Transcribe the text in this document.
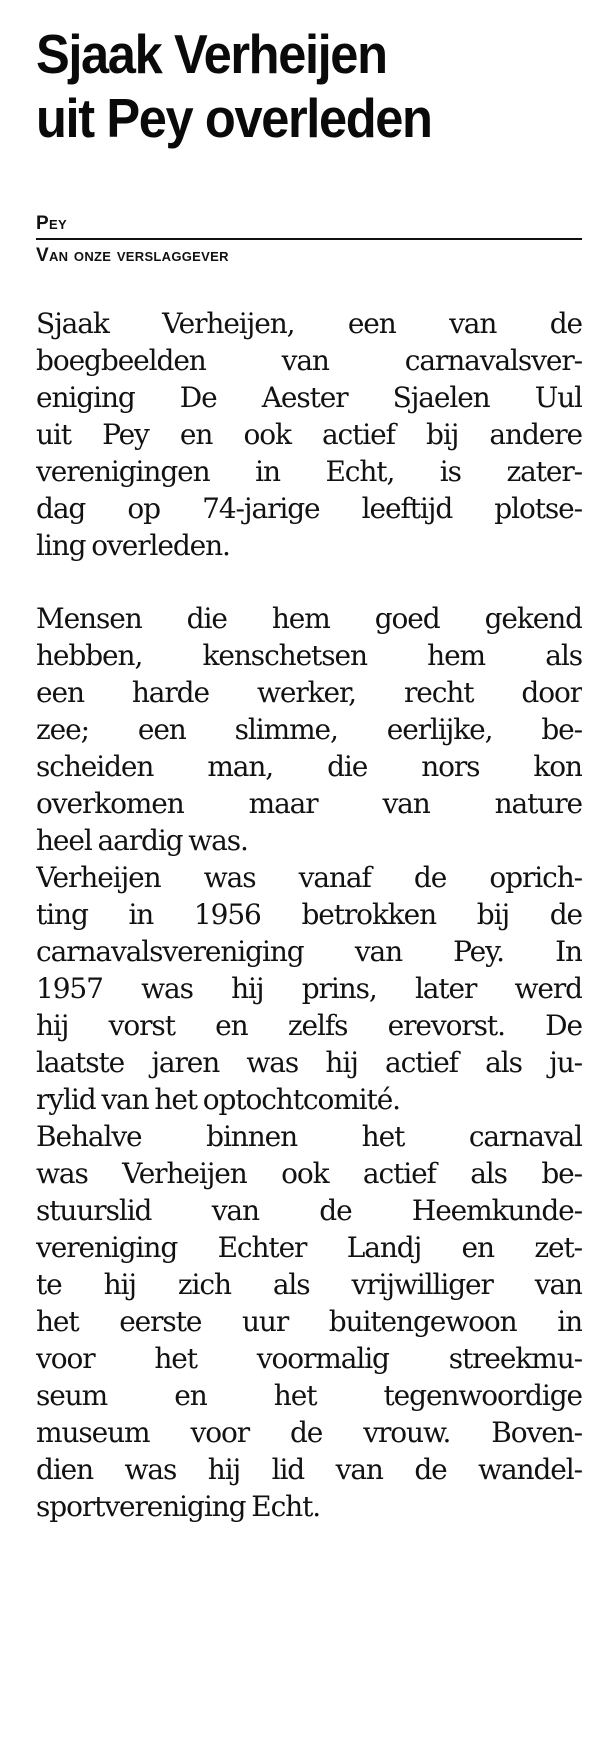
Sjaak Verheijen
uit Pey overleden
Pey
Van onze verslaggever
Sjaak Verheijen, een van de
boegbeelden van carnavalsver-
eniging De Aester Sjaelen Uul
uit Pey en ook actief bij andere
verenigingen in Echt, is zater-
dag op 74-jarige leeftijd plotse-
ling overleden.
Mensen die hem goed gekend
hebben, kenschetsen hem als
een harde werker, recht door
zee; een slimme, eerlijke, be-
scheiden man, die nors kon
overkomen maar van nature
heel aardig was.
Verheijen was vanaf de oprich-
ting in 1956 betrokken bij de
carnavalsvereniging van Pey. In
1957 was hij prins, later werd
hij vorst en zelfs erevorst. De
laatste jaren was hij actief als ju-
rylid van het optochtcomité.
Behalve binnen het carnaval
was Verheijen ook actief als be-
stuurslid van de Heemkunde-
vereniging Echter Landj en zet-
te hij zich als vrijwilliger van
het eerste uur buitengewoon in
voor het voormalig streekmu-
seum en het tegenwoordige
museum voor de vrouw. Boven-
dien was hij lid van de wandel-
sportvereniging Echt.
